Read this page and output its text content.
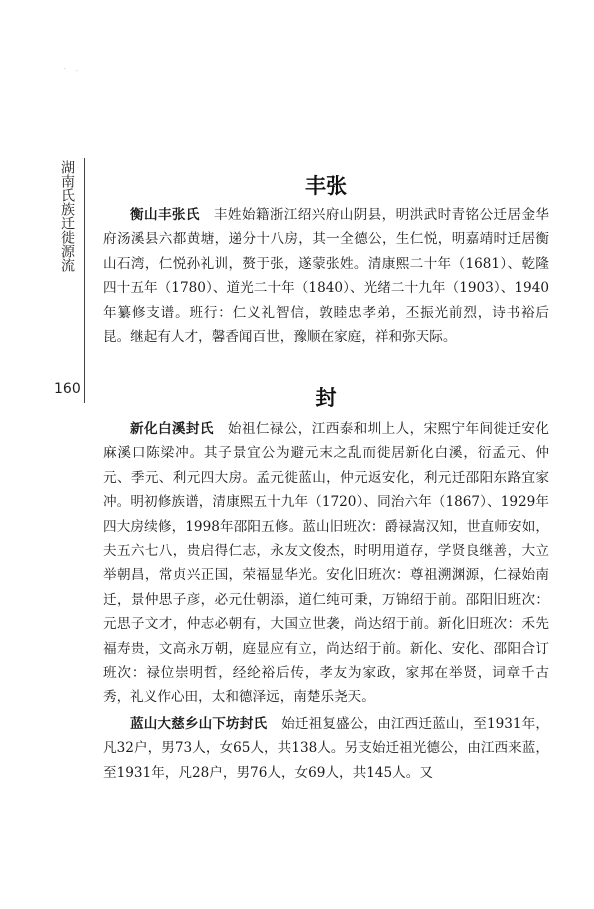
· ·
湖南氏族迁徙源流
160
丰张

衡山丰张氏 丰姓始籍浙江绍兴府山阴县，明洪武时青铭公迁居金华府汤溪县六都黄塘，递分十八房，其一全德公，生仁悦，明嘉靖时迁居衡山石湾，仁悦孙礼训，赘于张，遂蒙张姓。清康熙二十年（1681）、乾隆四十五年（1780）、道光二十年（1840）、光绪二十九年（1903）、1940年纂修支谱。班行：仁义礼智信，敦睦忠孝弟，丕振光前烈，诗书裕后昆。继起有人才，馨香闻百世，豫顺在家庭，祥和弥天际。

封

新化白溪封氏 始祖仁禄公，江西泰和圳上人，宋熙宁年间徙迁安化麻溪口陈梁冲。其子景宜公为避元末之乱而徙居新化白溪，衍孟元、仲元、季元、利元四大房。孟元徙蓝山，仲元返安化，利元迁邵阳东路宜家冲。明初修族谱，清康熙五十九年（1720）、同治六年（1867）、1929年四大房续修，1998年邵阳五修。蓝山旧班次：爵禄嵩汉知，世直师安如，夫五六七八，贵启得仁志，永友文俊杰，时明用道存，学贤良继善，大立举朝昌，常贞兴正国，荣福显华光。安化旧班次：尊祖溯渊源，仁禄始南迁，景仲思子彦，必元仕朝添，道仁纯可秉，万锦绍于前。邵阳旧班次：元思子文才，仲志必朝有，大国立世袭，尚达绍于前。新化旧班次：禾先福寿贵，文高永万朝，庭显应有立，尚达绍于前。新化、安化、邵阳合订班次：禄位崇明哲，经纶裕后传，孝友为家政，家邦在举贤，词章千古秀，礼义作心田，太和德泽远，南楚乐尧天。

蓝山大慈乡山下坊封氏 始迁祖复盛公，由江西迁蓝山，至1931年，凡32户，男73人，女65人，共138人。另支始迁祖光德公，由江西来蓝，至1931年，凡28户，男76人，女69人，共145人。又
